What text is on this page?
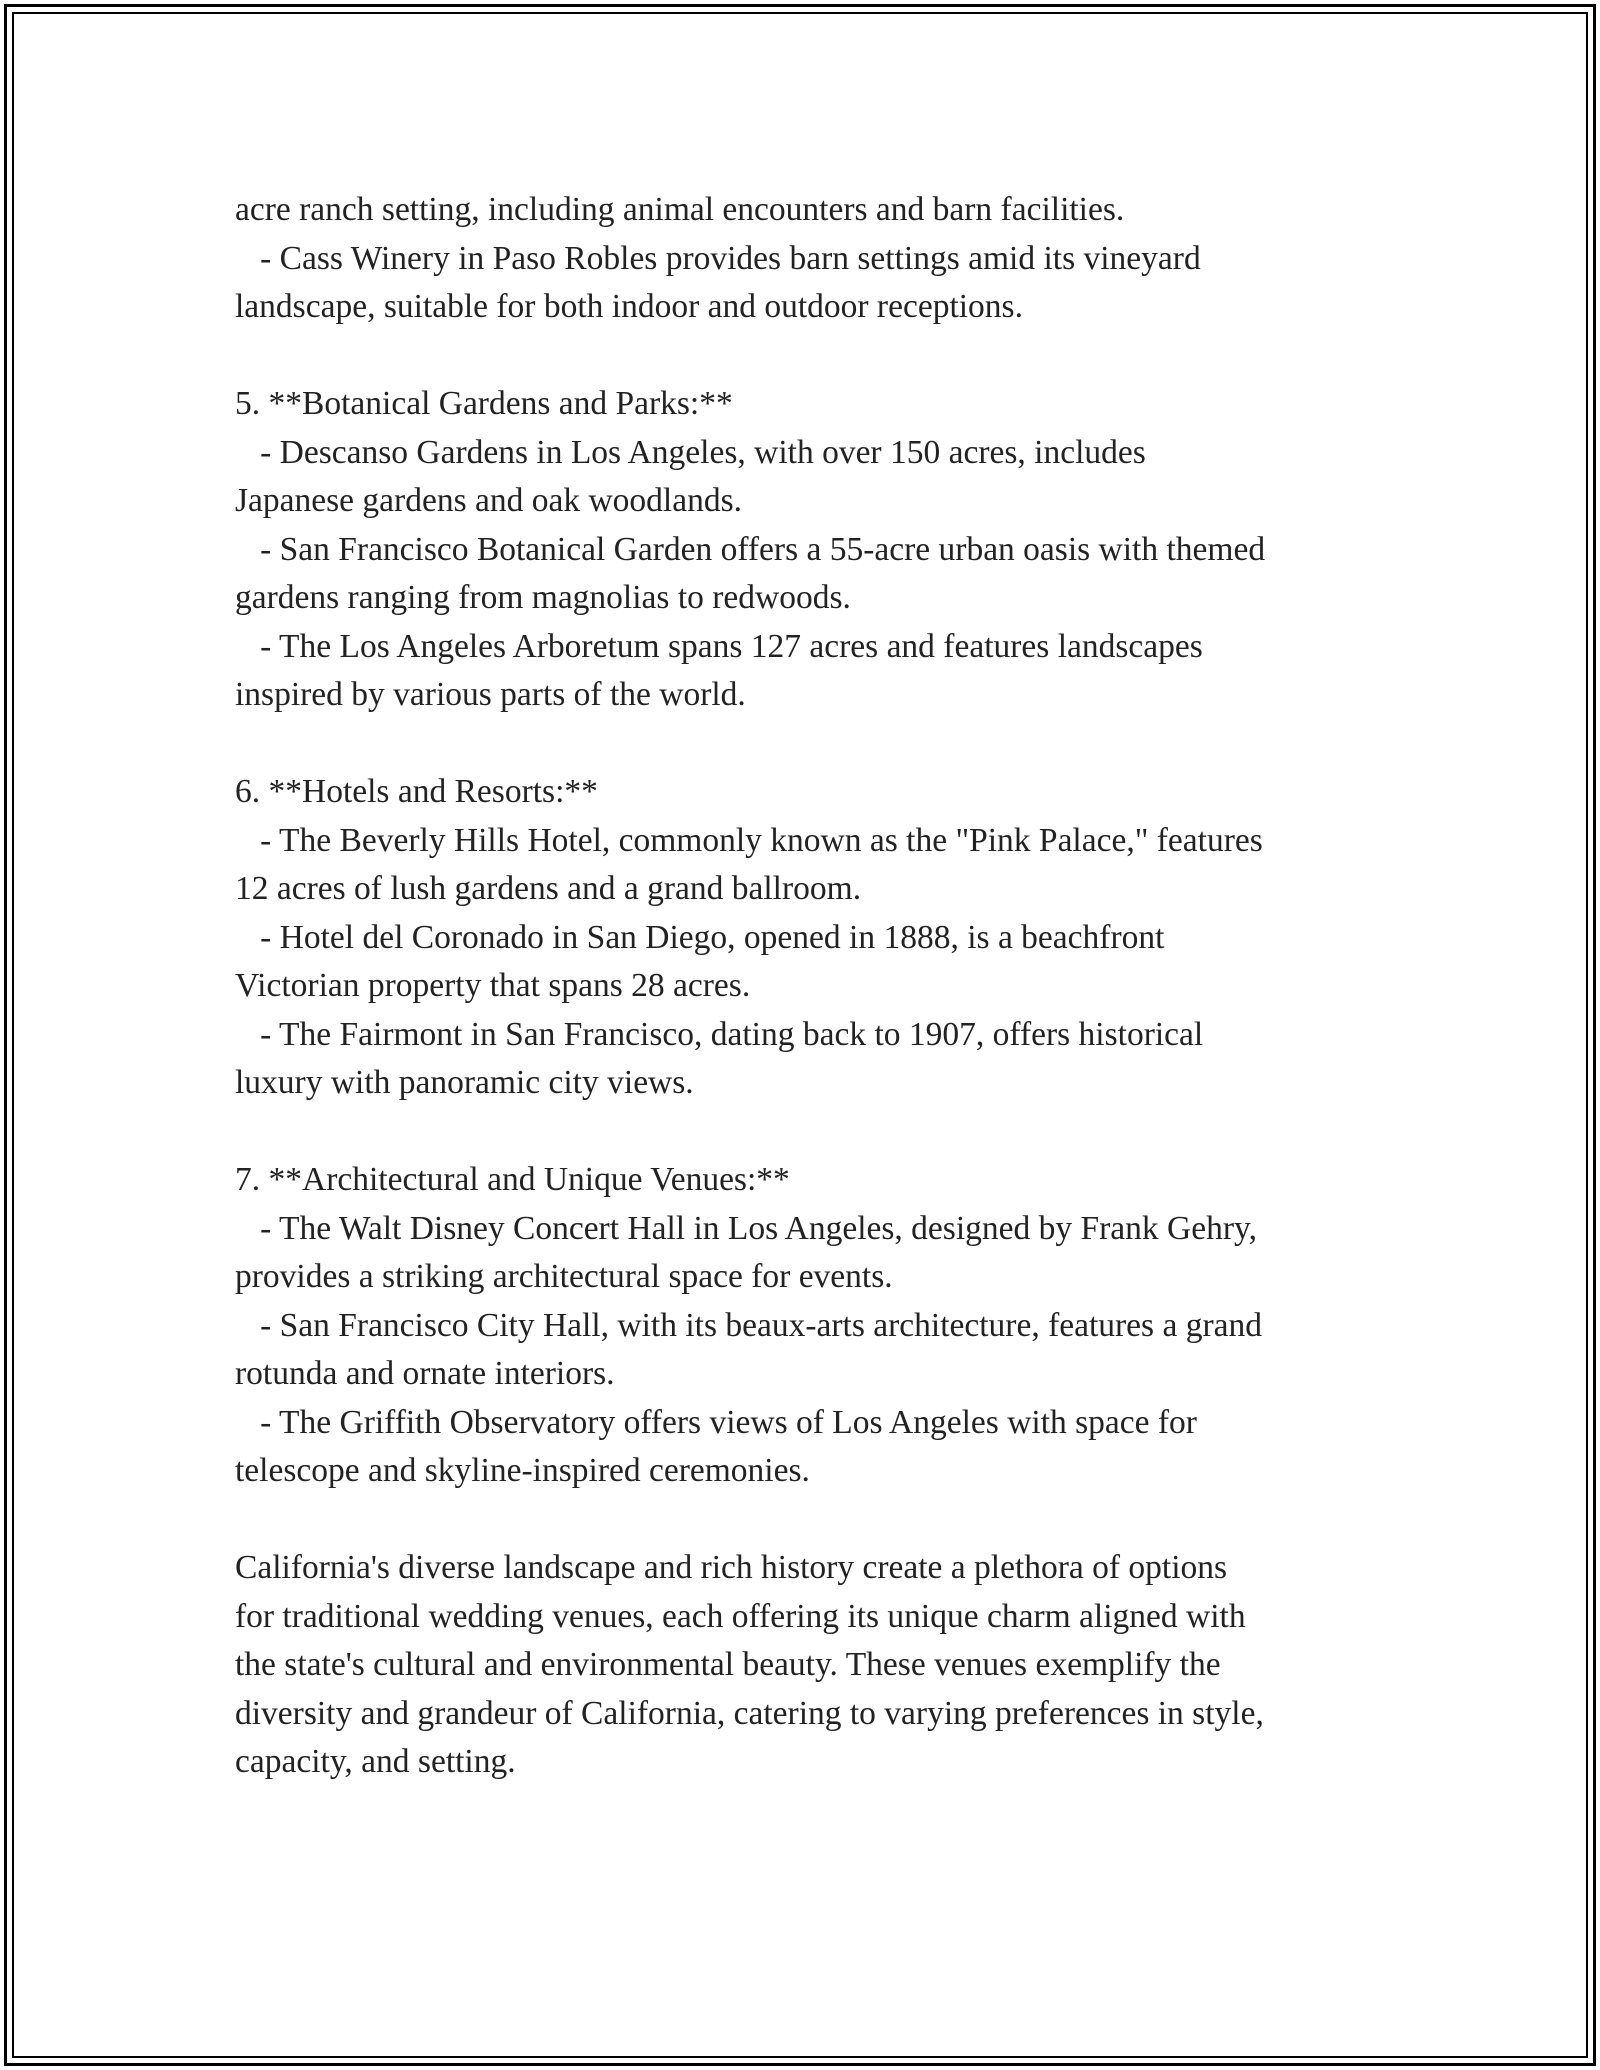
acre ranch setting, including animal encounters and barn facilities.
- Cass Winery in Paso Robles provides barn settings amid its vineyard
landscape, suitable for both indoor and outdoor receptions.
5. **Botanical Gardens and Parks:**
- Descanso Gardens in Los Angeles, with over 150 acres, includes
Japanese gardens and oak woodlands.
- San Francisco Botanical Garden offers a 55-acre urban oasis with themed
gardens ranging from magnolias to redwoods.
- The Los Angeles Arboretum spans 127 acres and features landscapes
inspired by various parts of the world.
6. **Hotels and Resorts:**
- The Beverly Hills Hotel, commonly known as the "Pink Palace," features
12 acres of lush gardens and a grand ballroom.
- Hotel del Coronado in San Diego, opened in 1888, is a beachfront
Victorian property that spans 28 acres.
- The Fairmont in San Francisco, dating back to 1907, offers historical
luxury with panoramic city views.
7. **Architectural and Unique Venues:**
- The Walt Disney Concert Hall in Los Angeles, designed by Frank Gehry,
provides a striking architectural space for events.
- San Francisco City Hall, with its beaux-arts architecture, features a grand
rotunda and ornate interiors.
- The Griffith Observatory offers views of Los Angeles with space for
telescope and skyline-inspired ceremonies.
California's diverse landscape and rich history create a plethora of options
for traditional wedding venues, each offering its unique charm aligned with
the state's cultural and environmental beauty. These venues exemplify the
diversity and grandeur of California, catering to varying preferences in style,
capacity, and setting.
